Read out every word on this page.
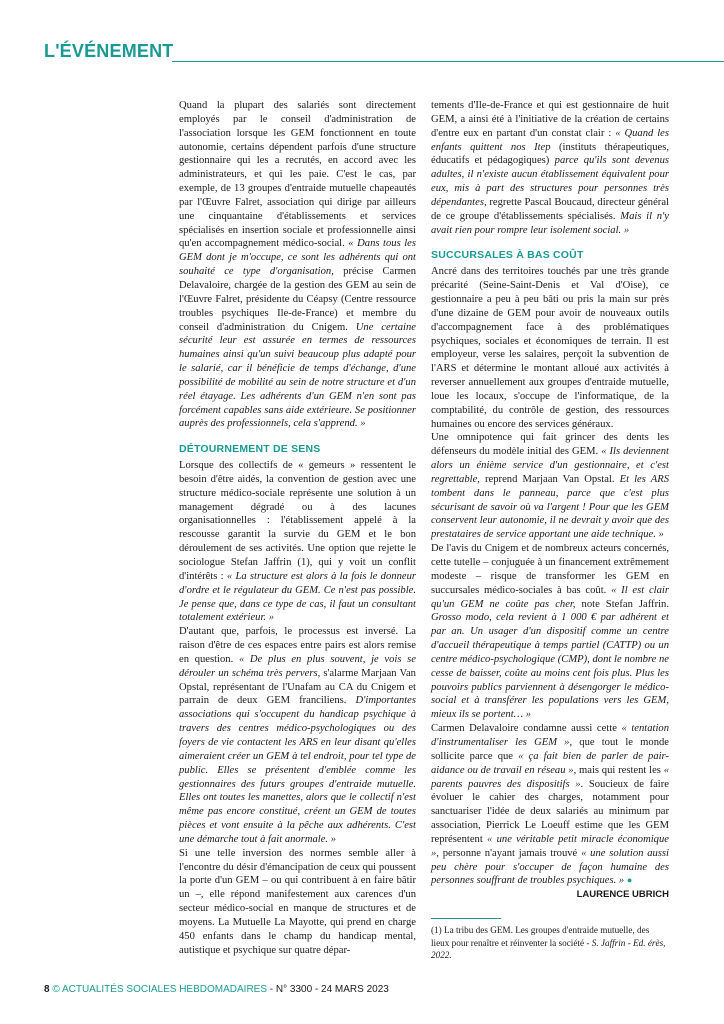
L'ÉVÉNEMENT

Quand la plupart des salariés sont directement employés par le conseil d'administration de l'association lorsque les GEM fonctionnent en toute autonomie, certains dépendent parfois d'une structure gestionnaire qui les a recrutés, en accord avec les administrateurs, et qui les paie. C'est le cas, par exemple, de 13 groupes d'entraide mutuelle chapeautés par l'Œuvre Falret, association qui dirige par ailleurs une cinquantaine d'établissements et services spécialisés en insertion sociale et professionnelle ainsi qu'en accompagnement médico-social. « Dans tous les GEM dont je m'occupe, ce sont les adhérents qui ont souhaité ce type d'organisation, précise Carmen Delavaloire, chargée de la gestion des GEM au sein de l'Œuvre Falret, présidente du Céapsy (Centre ressource troubles psychiques Ile-de-France) et membre du conseil d'administration du Cnigem. Une certaine sécurité leur est assurée en termes de ressources humaines ainsi qu'un suivi beaucoup plus adapté pour le salarié, car il bénéficie de temps d'échange, d'une possibilité de mobilité au sein de notre structure et d'un réel étayage. Les adhérents d'un GEM n'en sont pas forcément capables sans aide extérieure. Se positionner auprès des professionnels, cela s'apprend. »

DÉTOURNEMENT DE SENS

Lorsque des collectifs de « gemeurs » ressentent le besoin d'être aidés, la convention de gestion avec une structure médico-sociale représente une solution à un management dégradé ou à des lacunes organisationnelles : l'établissement appelé à la rescousse garantit la survie du GEM et le bon déroulement de ses activités. Une option que rejette le sociologue Stefan Jaffrin (1), qui y voit un conflit d'intérêts : « La structure est alors à la fois le donneur d'ordre et le régulateur du GEM. Ce n'est pas possible. Je pense que, dans ce type de cas, il faut un consultant totalement extérieur. »

D'autant que, parfois, le processus est inversé. La raison d'être de ces espaces entre pairs est alors remise en question. « De plus en plus souvent, je vois se dérouler un schéma très pervers, s'alarme Marjaan Van Opstal, représentant de l'Unafam au CA du Cnigem et parrain de deux GEM franciliens. D'importantes associations qui s'occupent du handicap psychique à travers des centres médico-psychologiques ou des foyers de vie contactent les ARS en leur disant qu'elles aimeraient créer un GEM à tel endroit, pour tel type de public. Elles se présentent d'emblée comme les gestionnaires des futurs groupes d'entraide mutuelle. Elles ont toutes les manettes, alors que le collectif n'est même pas encore constitué, créent un GEM de toutes pièces et vont ensuite à la pêche aux adhérents. C'est une démarche tout à fait anormale. »

Si une telle inversion des normes semble aller à l'encontre du désir d'émancipation de ceux qui poussent la porte d'un GEM – ou qui contribuent à en faire bâtir un –, elle répond manifestement aux carences d'un secteur médico-social en manque de structures et de moyens. La Mutuelle La Mayotte, qui prend en charge 450 enfants dans le champ du handicap mental, autistique et psychique sur quatre dépar-

tements d'Ile-de-France et qui est gestionnaire de huit GEM, a ainsi été à l'initiative de la création de certains d'entre eux en partant d'un constat clair : « Quand les enfants quittent nos Itep (instituts thérapeutiques, éducatifs et pédagogiques) parce qu'ils sont devenus adultes, il n'existe aucun établissement équivalent pour eux, mis à part des structures pour personnes très dépendantes, regrette Pascal Boucaud, directeur général de ce groupe d'établissements spécialisés. Mais il n'y avait rien pour rompre leur isolement social. »

SUCCURSALES À BAS COÛT

Ancré dans des territoires touchés par une très grande précarité (Seine-Saint-Denis et Val d'Oise), ce gestionnaire a peu à peu bâti ou pris la main sur près d'une dizaine de GEM pour avoir de nouveaux outils d'accompagnement face à des problématiques psychiques, sociales et économiques de terrain. Il est employeur, verse les salaires, perçoit la subvention de l'ARS et détermine le montant alloué aux activités à reverser annuellement aux groupes d'entraide mutuelle, loue les locaux, s'occupe de l'informatique, de la comptabilité, du contrôle de gestion, des ressources humaines ou encore des services généraux.

Une omnipotence qui fait grincer des dents les défenseurs du modèle initial des GEM. « Ils deviennent alors un énième service d'un gestionnaire, et c'est regrettable, reprend Marjaan Van Opstal. Et les ARS tombent dans le panneau, parce que c'est plus sécurisant de savoir où va l'argent ! Pour que les GEM conservent leur autonomie, il ne devrait y avoir que des prestataires de service apportant une aide technique. »

De l'avis du Cnigem et de nombreux acteurs concernés, cette tutelle – conjuguée à un financement extrêmement modeste – risque de transformer les GEM en succursales médico-sociales à bas coût. « Il est clair qu'un GEM ne coûte pas cher, note Stefan Jaffrin. Grosso modo, cela revient à 1 000 € par adhérent et par an. Un usager d'un dispositif comme un centre d'accueil thérapeutique à temps partiel (CATTP) ou un centre médico-psychologique (CMP), dont le nombre ne cesse de baisser, coûte au moins cent fois plus. Plus les pouvoirs publics parviennent à désengorger le médico-social et à transférer les populations vers les GEM, mieux ils se portent… »

Carmen Delavaloire condamne aussi cette « tentation d'instrumentaliser les GEM », que tout le monde sollicite parce que « ça fait bien de parler de pair-aidance ou de travail en réseau », mais qui restent les « parents pauvres des dispositifs ». Soucieux de faire évoluer le cahier des charges, notamment pour sanctuariser l'idée de deux salariés au minimum par association, Pierrick Le Loeuff estime que les GEM représentent « une véritable petit miracle économique », personne n'ayant jamais trouvé « une solution aussi peu chère pour s'occuper de façon humaine des personnes souffrant de troubles psychiques. » ●
LAURENCE UBRICH

(1) La tribu des GEM. Les groupes d'entraide mutuelle, des lieux pour renaître et réinventer la société - S. Jaffrin - Ed. érès, 2022.
8 © ACTUALITÉS SOCIALES HEBDOMADAIRES - N° 3300 - 24 MARS 2023
